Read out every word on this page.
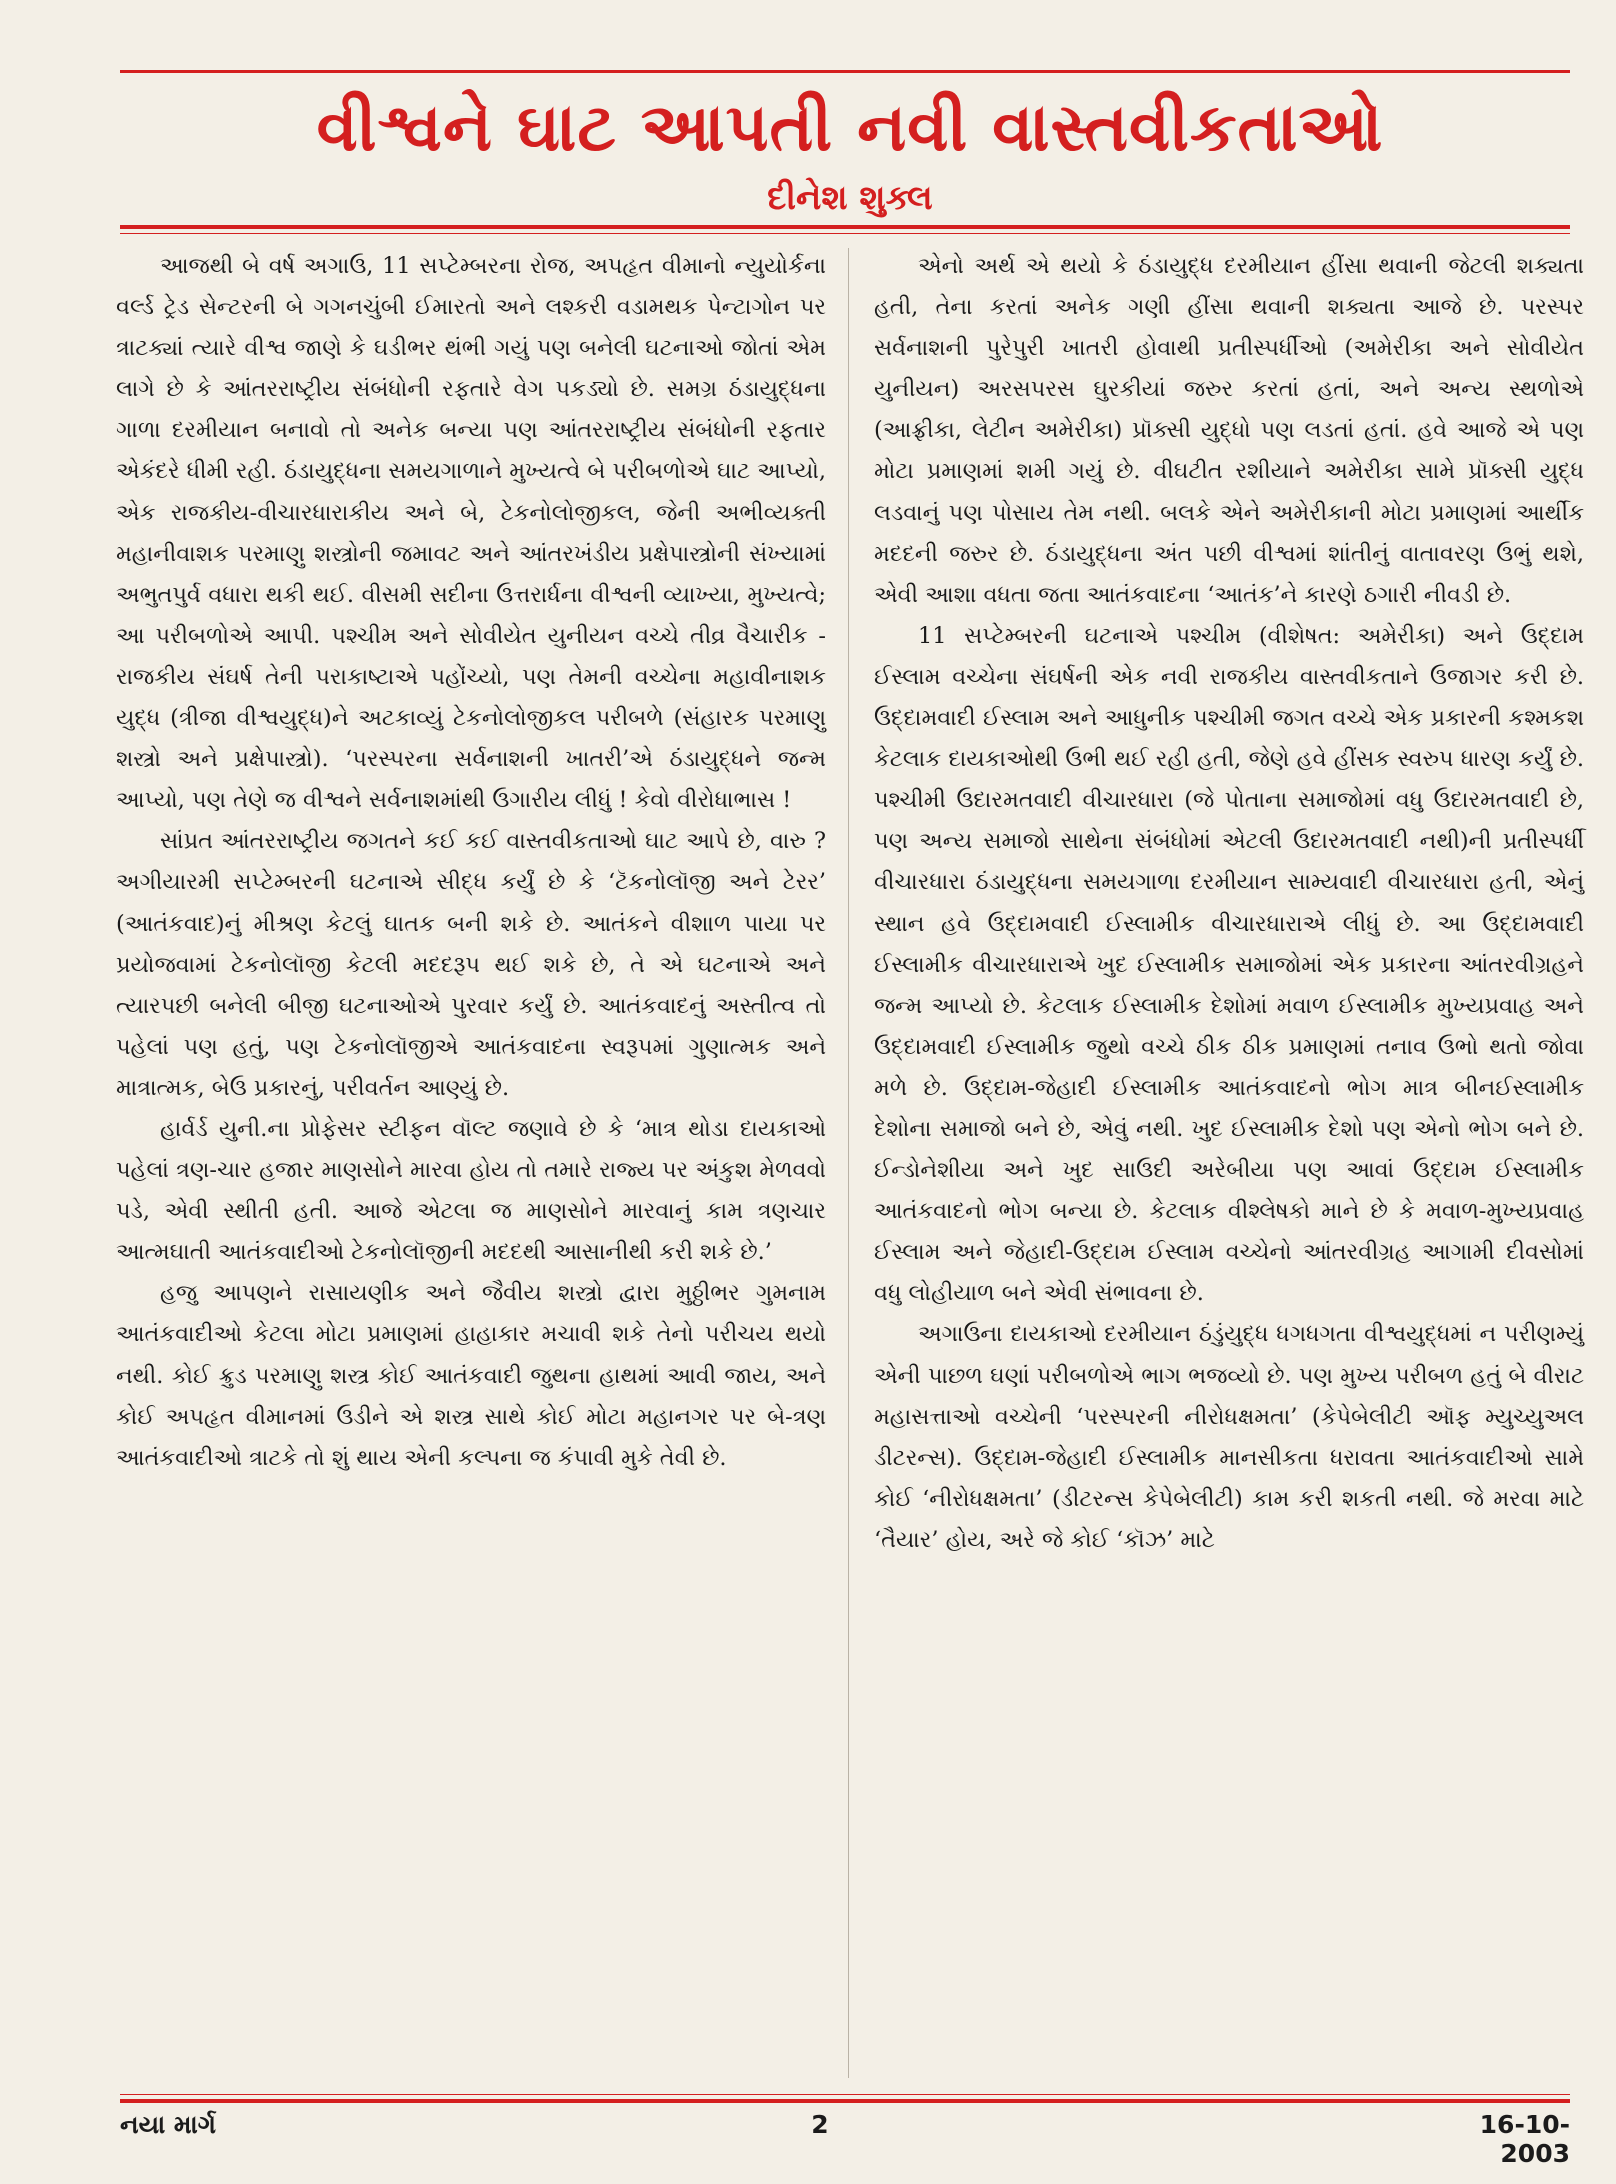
વીશ્વને ઘાટ આપતી નવી વાસ્તવીકતાઓ
દીનેશ શુક્લ

આજથી બે વર્ષ અગાઉ, 11 સપ્ટેમ્બરના રોજ, અપહૃત વીમાનો ન્યુયોર્કના વર્લ્ડ ટ્રેડ સેન્ટરની બે ગગનચુંબી ઈમારતો અને લશ્કરી વડામથક પેન્ટાગોન પર ત્રાટક્યાં ત્યારે વીશ્વ જાણે કે ઘડીભર થંભી ગયું પણ બનેલી ઘટનાઓ જોતાં એમ લાગે છે કે આંતરરાષ્ટ્રીય સંબંધોની રફતારે વેગ પકડ્યો છે. સમગ્ર ઠંડાયુદ્ધના ગાળા દરમીયાન બનાવો તો અનેક બન્યા પણ આંતરરાષ્ટ્રીય સંબંધોની રફતાર એકંદરે ધીમી રહી. ઠંડાયુદ્ધના સમયગાળાને મુખ્યત્વે બે પરીબળોએ ઘાટ આપ્યો, એક રાજકીય-વીચારધારાકીય અને બે, ટેકનોલોજીકલ, જેની અભીવ્યક્તી મહાનીવાશક પરમાણુ શસ્ત્રોની જમાવટ અને આંતરખંડીય પ્રક્ષેપાસ્ત્રોની સંખ્યામાં અભુતપુર્વ વધારા થકી થઈ. વીસમી સદીના ઉત્તરાર્ધના વીશ્વની વ્યાખ્યા, મુખ્યત્વે; આ પરીબળોએ આપી. પશ્ચીમ અને સોવીયેત યુનીયન વચ્ચે તીવ્ર વૈચારીક - રાજકીય સંઘર્ષ તેની પરાકાષ્ટાએ પહોંચ્યો, પણ તેમની વચ્ચેના મહાવીનાશક યુદ્ધ (ત્રીજા વીશ્વયુદ્ધ)ને અટકાવ્યું ટેકનોલોજીકલ પરીબળે (સંહારક પરમાણુ શસ્ત્રો અને પ્રક્ષેપાસ્ત્રો). ‘પરસ્પરના સર્વનાશની ખાતરી’એ ઠંડાયુદ્ધને જન્મ આપ્યો, પણ તેણે જ વીશ્વને સર્વનાશમાંથી ઉગારીય લીધું ! કેવો વીરોધાભાસ !

સાંપ્રત આંતરરાષ્ટ્રીય જગતને કઈ કઈ વાસ્તવીકતાઓ ઘાટ આપે છે, વારુ ? અગીયારમી સપ્ટેમ્બરની ઘટનાએ સીદ્ધ કર્યું છે કે ‘ટૅકનોલૉજી અને ટેરર’ (આતંકવાદ)નું મીશ્રણ કેટલું ઘાતક બની શકે છે. આતંકને વીશાળ પાયા પર પ્રયોજવામાં ટેકનોલૉજી કેટલી મદદરૂપ થઈ શકે છે, તે એ ઘટનાએ અને ત્યારપછી બનેલી બીજી ઘટનાઓએ પુરવાર કર્યું છે. આતંકવાદનું અસ્તીત્વ તો પહેલાં પણ હતું, પણ ટેકનોલૉજીએ આતંકવાદના સ્વરૂપમાં ગુણાત્મક અને માત્રાત્મક, બેઉ પ્રકારનું, પરીવર્તન આણ્યું છે.

હાર્વર્ડ યુની.ના પ્રોફેસર સ્ટીફન વૉલ્ટ જણાવે છે કે ‘માત્ર થોડા દાયકાઓ પહેલાં ત્રણ-ચાર હજાર માણસોને મારવા હોય તો તમારે રાજ્ય પર અંકુશ મેળવવો પડે, એવી સ્થીતી હતી. આજે એટલા જ માણસોને મારવાનું કામ ત્રણચાર આત્મઘાતી આતંકવાદીઓ ટેકનોલૉજીની મદદથી આસાનીથી કરી શકે છે.’

હજુ આપણને રાસાયણીક અને જૈવીય શસ્ત્રો દ્વારા મુઠ્ઠીભર ગુમનામ આતંકવાદીઓ કેટલા મોટા પ્રમાણમાં હાહાકાર મચાવી શકે તેનો પરીચય થયો નથી. કોઈ ક્રુડ પરમાણુ શસ્ત્ર કોઈ આતંકવાદી જુથના હાથમાં આવી જાય, અને કોઈ અપહૃત વીમાનમાં ઉડીને એ શસ્ત્ર સાથે કોઈ મોટા મહાનગર પર બે-ત્રણ આતંકવાદીઓ ત્રાટકે તો શું થાય એની કલ્પના જ કંપાવી મુકે તેવી છે.

એનો અર્થ એ થયો કે ઠંડાયુદ્ધ દરમીયાન હીંસા થવાની જેટલી શક્યતા હતી, તેના કરતાં અનેક ગણી હીંસા થવાની શક્યતા આજે છે. પરસ્પર સર્વનાશની પુરેપુરી ખાતરી હોવાથી પ્રતીસ્પર્ધીઓ (અમેરીકા અને સોવીયેત યુનીયન) અરસપરસ ઘુરકીયાં જરુર કરતાં હતાં, અને અન્ય સ્થળોએ (આફ્રીકા, લેટીન અમેરીકા) પ્રૉક્સી યુદ્ધો પણ લડતાં હતાં. હવે આજે એ પણ મોટા પ્રમાણમાં શમી ગયું છે. વીઘટીત રશીયાને અમેરીકા સામે પ્રૉક્સી યુદ્ધ લડવાનું પણ પોસાય તેમ નથી. બલકે એને અમેરીકાની મોટા પ્રમાણમાં આર્થીક મદદની જરુર છે. ઠંડાયુદ્ધના અંત પછી વીશ્વમાં શાંતીનું વાતાવરણ ઉભું થશે, એવી આશા વધતા જતા આતંકવાદના ‘આતંક’ને કારણે ઠગારી નીવડી છે.

11 સપ્ટેમ્બરની ઘટનાએ પશ્ચીમ (વીશેષત: અમેરીકા) અને ઉદ્દામ ઈસ્લામ વચ્ચેના સંઘર્ષની એક નવી રાજકીય વાસ્તવીકતાને ઉજાગર કરી છે. ઉદ્દામવાદી ઈસ્લામ અને આધુનીક પશ્ચીમી જગત વચ્ચે એક પ્રકારની કશ્મકશ કેટલાક દાયકાઓથી ઉભી થઈ રહી હતી, જેણે હવે હીંસક સ્વરુપ ધારણ કર્યું છે. પશ્ચીમી ઉદારમતવાદી વીચારધારા (જે પોતાના સમાજોમાં વધુ ઉદારમતવાદી છે, પણ અન્ય સમાજો સાથેના સંબંધોમાં એટલી ઉદારમતવાદી નથી)ની પ્રતીસ્પર્ધી વીચારધારા ઠંડાયુદ્ધના સમયગાળા દરમીયાન સામ્યવાદી વીચારધારા હતી, એનું સ્થાન હવે ઉદ્દામવાદી ઈસ્લામીક વીચારધારાએ લીધું છે. આ ઉદ્દામવાદી ઈસ્લામીક વીચારધારાએ ખુદ ઈસ્લામીક સમાજોમાં એક પ્રકારના આંતરવીગ્રહને જન્મ આપ્યો છે. કેટલાક ઈસ્લામીક દેશોમાં મવાળ ઈસ્લામીક મુખ્યપ્રવાહ અને ઉદ્દામવાદી ઈસ્લામીક જુથો વચ્ચે ઠીક ઠીક પ્રમાણમાં તનાવ ઉભો થતો જોવા મળે છે. ઉદ્દામ-જેહાદી ઈસ્લામીક આતંકવાદનો ભોગ માત્ર બીનઈસ્લામીક દેશોના સમાજો બને છે, એવું નથી. ખુદ ઈસ્લામીક દેશો પણ એનો ભોગ બને છે. ઈન્ડોનેશીયા અને ખુદ સાઉદી અરેબીયા પણ આવાં ઉદ્દામ ઈસ્લામીક આતંકવાદનો ભોગ બન્યા છે. કેટલાક વીશ્લેષકો માને છે કે મવાળ-મુખ્યપ્રવાહ ઈસ્લામ અને જેહાદી-ઉદ્દામ ઈસ્લામ વચ્ચેનો આંતરવીગ્રહ આગામી દીવસોમાં વધુ લોહીયાળ બને એવી સંભાવના છે.

અગાઉના દાયકાઓ દરમીયાન ઠંડુંયુદ્ધ ધગધગતા વીશ્વયુદ્ધમાં ન પરીણમ્યું એની પાછળ ઘણાં પરીબળોએ ભાગ ભજવ્યો છે. પણ મુખ્ય પરીબળ હતું બે વીરાટ મહાસત્તાઓ વચ્ચેની ‘પરસ્પરની નીરોધક્ષમતા’ (કેપેબેલીટી ઑફ મ્યુચ્યુઅલ ડીટરન્સ). ઉદ્દામ-જેહાદી ઈસ્લામીક માનસીકતા ધરાવતા આતંકવાદીઓ સામે કોઈ ‘નીરોધક્ષમતા’ (ડીટરન્સ કેપેબેલીટી) કામ કરી શકતી નથી. જે મરવા માટે ‘તૈયાર’ હોય, અરે જે કોઈ ‘કૉઝ’ માટે

નયા માર્ગ	2	16-10-2003
